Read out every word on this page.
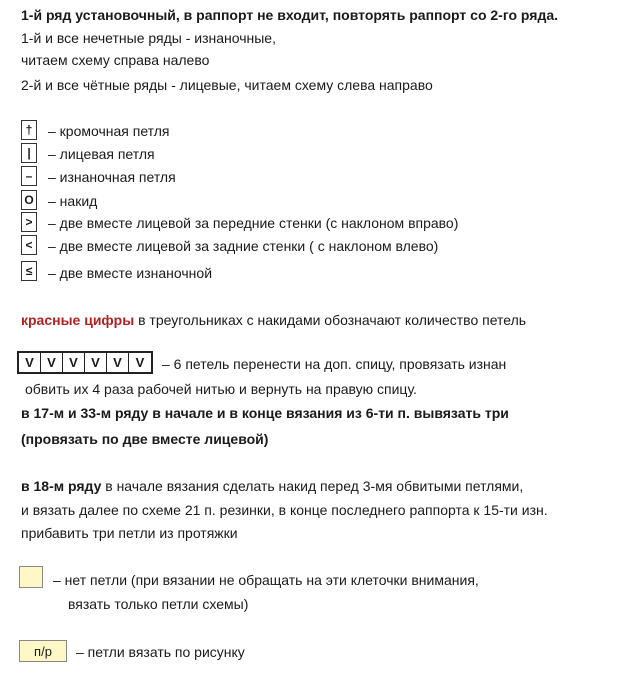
1-й ряд установочный, в раппорт не входит, повторять раппорт со 2-го ряда.
1-й и все нечетные ряды - изнаночные,
читаем схему справа налево
2-й и все чётные ряды - лицевые, читаем схему слева направо
†	– кромочная петля
|	– лицевая петля
–	– изнаночная петля
O – накид
>	– две вместе лицевой за передние стенки (с наклоном вправо)
<	– две вместе лицевой за задние стенки ( с наклоном влево)
≤	– две вместе изнаночной
красные цифры в треугольниках с накидами обозначают количество петель
V	V	V	V	V	V	– 6 петель перенести на доп. спицу, провязать изнан
обвить их 4 раза рабочей нитью и вернуть на правую спицу.
в 17-м и 33-м ряду в начале и в конце вязания из 6-ти п. вывязать три
(провязать по две вместе лицевой)
в 18-м ряду в начале вязания сделать накид перед 3-мя обвитыми петлями,
и вязать далее по схеме 21 п. резинки, в конце последнего раппорта к 15-ти изн.
прибавить три петли из протяжки
– нет петли (при вязании не обращать на эти клеточки внимания,
вязать только петли схемы)
п/р	– петли вязать по рисунку
